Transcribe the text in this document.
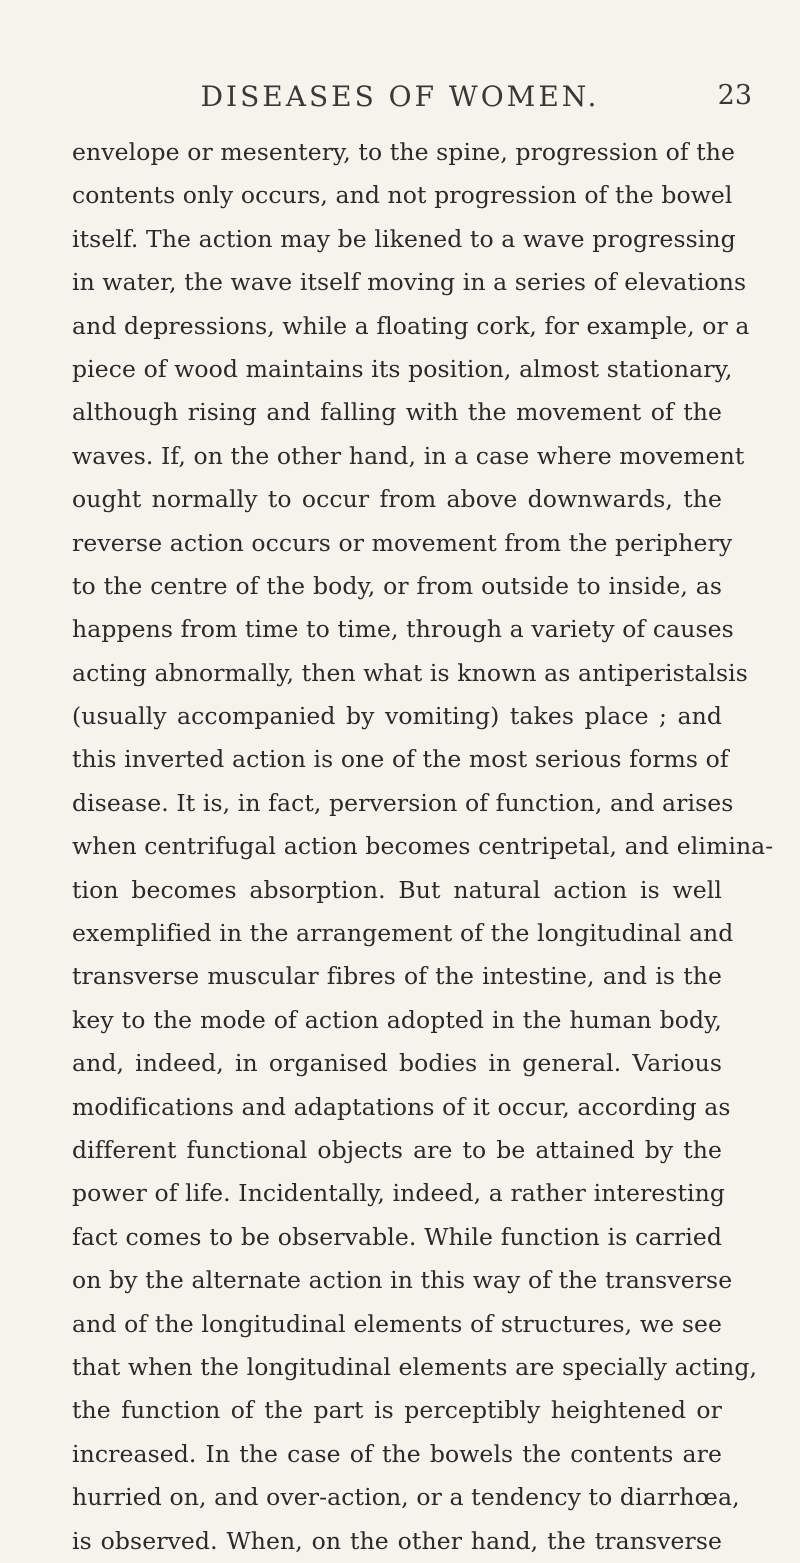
DISEASES OF WOMEN.	23
envelope or mesentery, to the spine, progression of the
contents only occurs, and not progression of the bowel
itself. The action may be likened to a wave progressing
in water, the wave itself moving in a series of elevations
and depressions, while a floating cork, for example, or a
piece of wood maintains its position, almost stationary,
although rising and falling with the movement of the
waves. If, on the other hand, in a case where movement
ought normally to occur from above downwards, the
reverse action occurs or movement from the periphery
to the centre of the body, or from outside to inside, as
happens from time to time, through a variety of causes
acting abnormally, then what is known as antiperistalsis
(usually accompanied by vomiting) takes place ; and
this inverted action is one of the most serious forms of
disease. It is, in fact, perversion of function, and arises
when centrifugal action becomes centripetal, and elimina-
tion becomes absorption. But natural action is well
exemplified in the arrangement of the longitudinal and
transverse muscular fibres of the intestine, and is the
key to the mode of action adopted in the human body,
and, indeed, in organised bodies in general. Various
modifications and adaptations of it occur, according as
different functional objects are to be attained by the
power of life. Incidentally, indeed, a rather interesting
fact comes to be observable. While function is carried
on by the alternate action in this way of the transverse
and of the longitudinal elements of structures, we see
that when the longitudinal elements are specially acting,
the function of the part is perceptibly heightened or
increased. In the case of the bowels the contents are
hurried on, and over-action, or a tendency to diarrhœa,
is observed. When, on the other hand, the transverse
